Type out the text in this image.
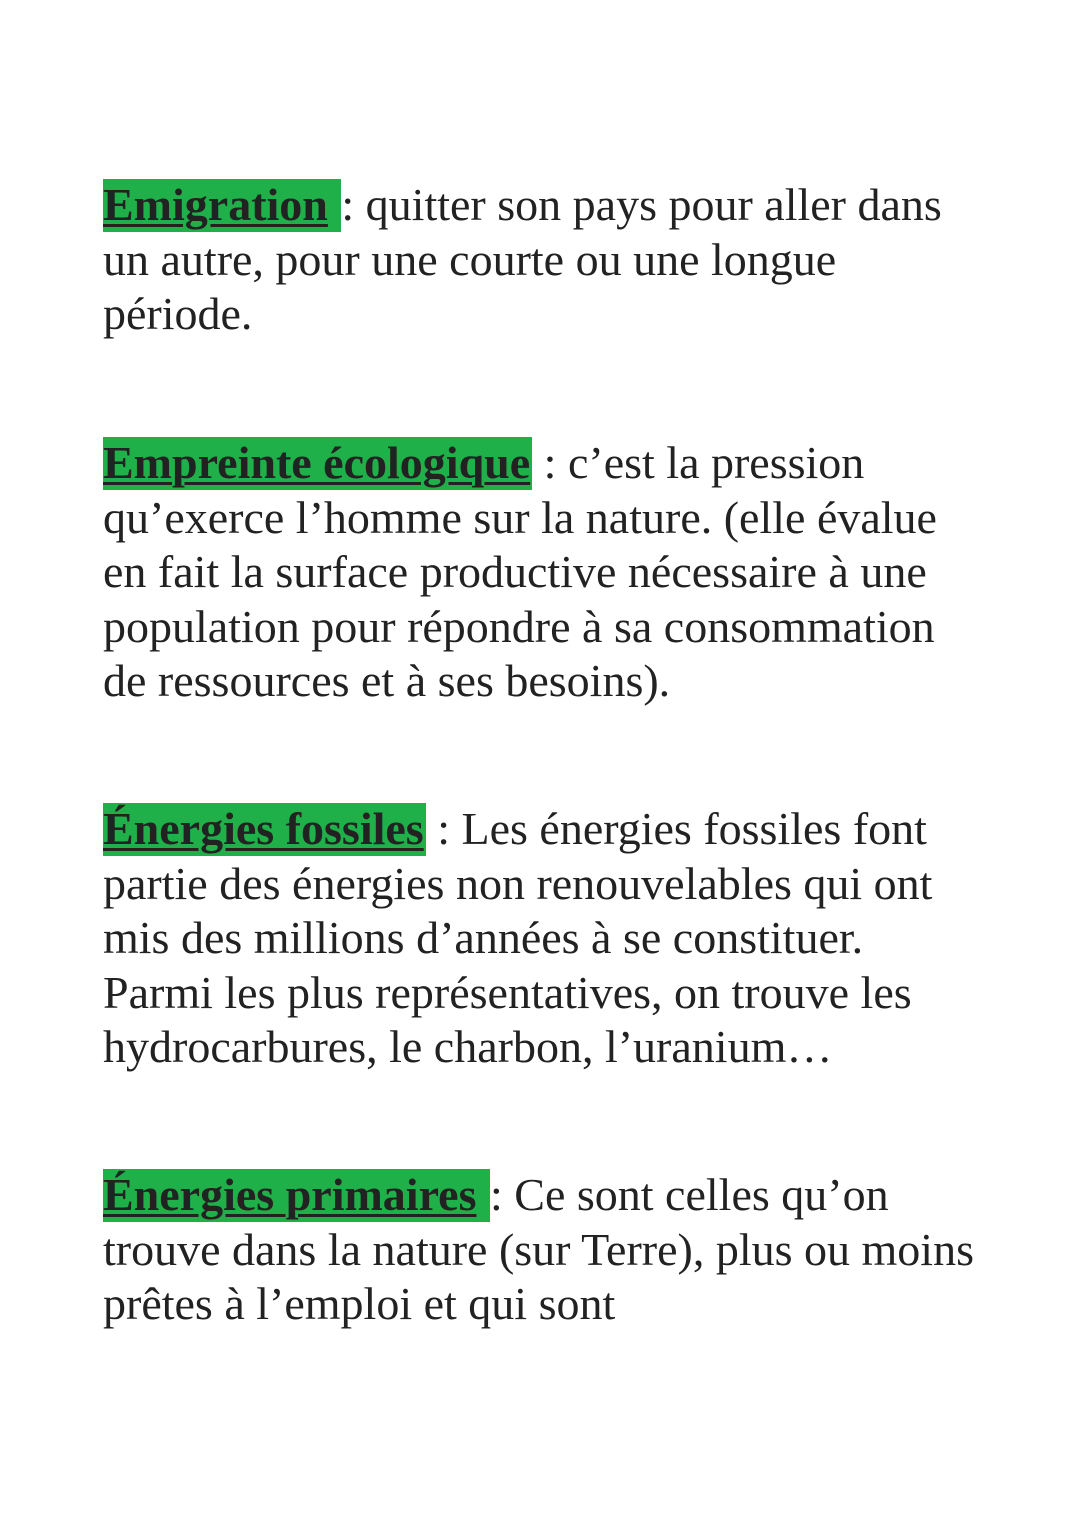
Emigration : quitter son pays pour aller dans un autre, pour une courte ou une longue période.

Empreinte écologique : c’est la pression qu’exerce l’homme sur la nature. (elle évalue en fait la surface productive nécessaire à une population pour répondre à sa consommation de ressources et à ses besoins).

Énergies fossiles : Les énergies fossiles font partie des énergies non renouvelables qui ont mis des millions d’années à se constituer. Parmi les plus représentatives, on trouve les hydrocarbures, le charbon, l’uranium…

Énergies primaires : Ce sont celles qu’on trouve dans la nature (sur Terre), plus ou moins prêtes à l’emploi et qui sont
